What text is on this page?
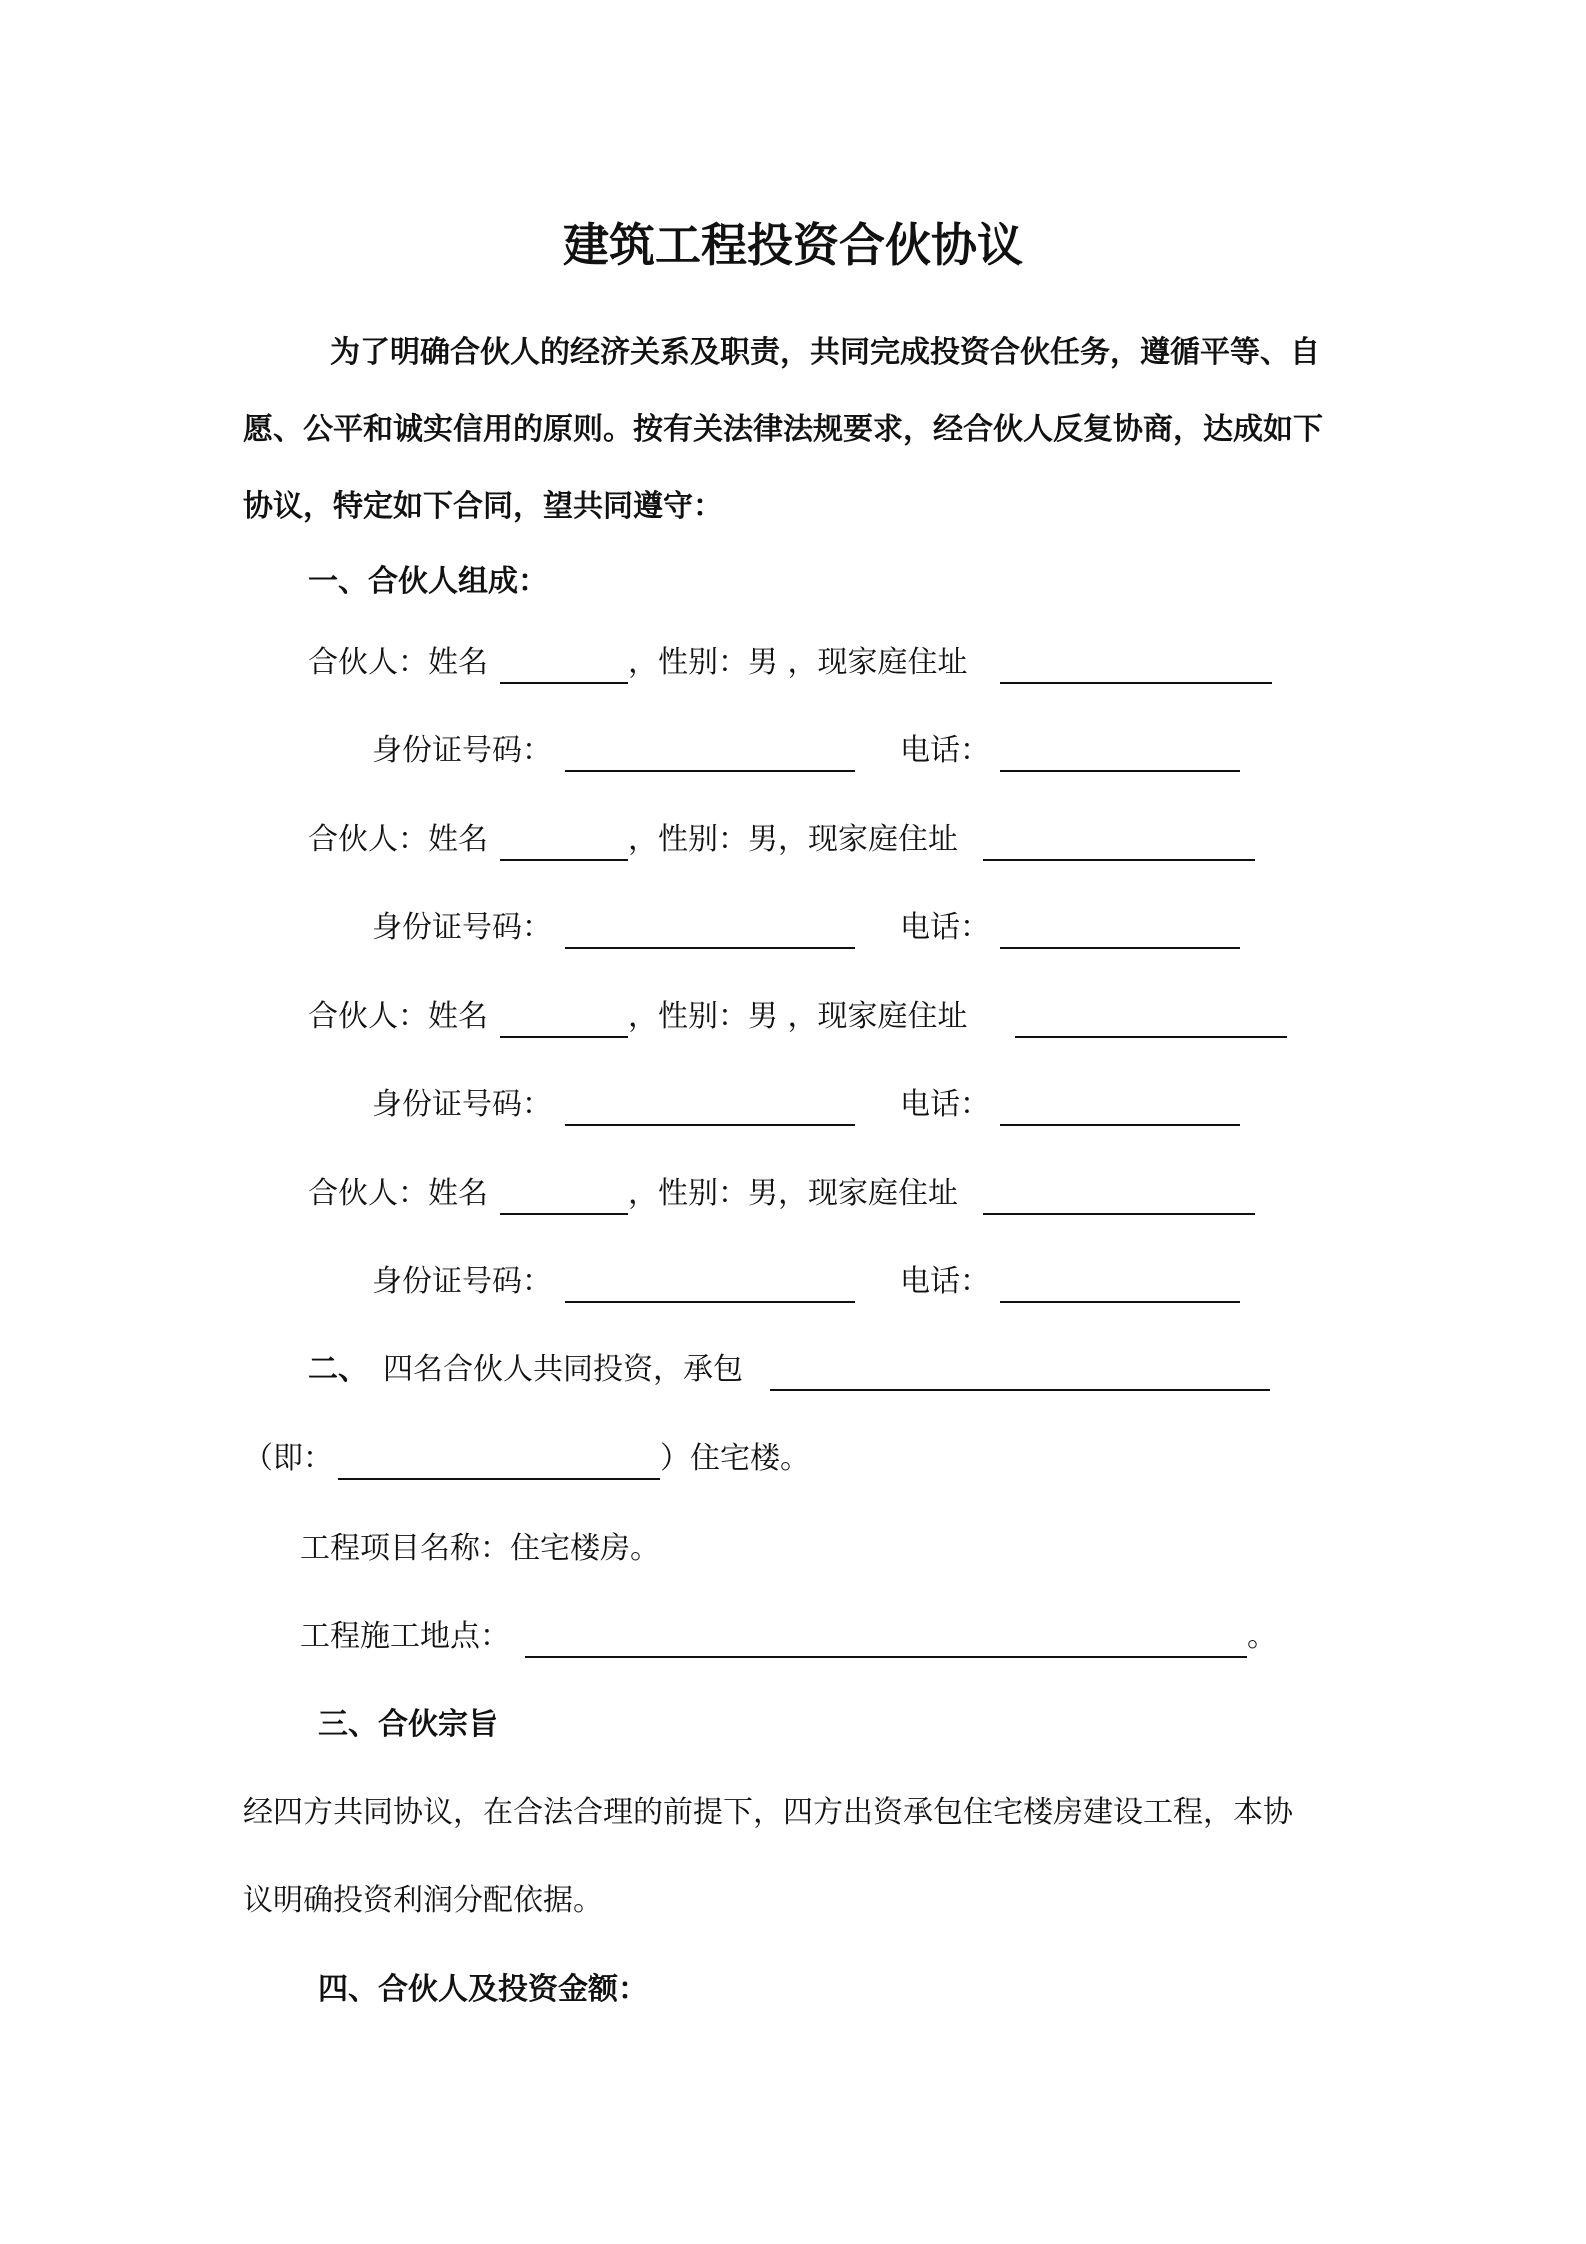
建筑工程投资合伙协议
为了明确合伙人的经济关系及职责，共同完成投资合伙任务，遵循平等、自
愿、公平和诚实信用的原则。按有关法律法规要求，经合伙人反复协商，达成如下
协议，特定如下合同，望共同遵守：
一、合伙人组成：
合伙人：姓名	，性别：男 ，现家庭住址
身份证号码：	电话：
合伙人：姓名	，性别：男，现家庭住址
身份证号码：	电话：
合伙人：姓名	，性别：男 ，现家庭住址
身份证号码：	电话：
合伙人：姓名	，性别：男，现家庭住址
身份证号码：	电话：
二、 四名合伙人共同投资，承包
（即：	）住宅楼。
工程项目名称：住宅楼房。
工程施工地点：	。
三、合伙宗旨
经四方共同协议，在合法合理的前提下，四方出资承包住宅楼房建设工程，本协
议明确投资利润分配依据。
四、合伙人及投资金额：
